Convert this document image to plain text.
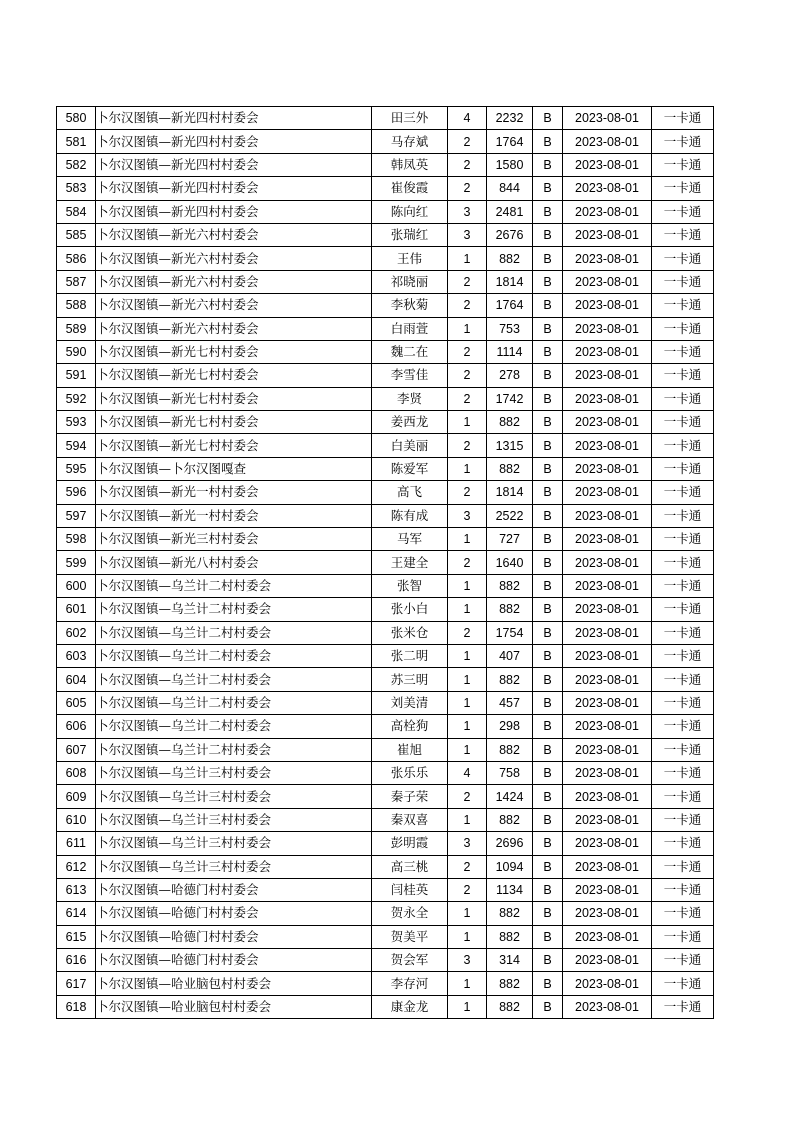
580	卜尔汉图镇—新光四村村委会	田三外	4	2232	B	2023-08-01	一卡通
581	卜尔汉图镇—新光四村村委会	马存斌	2	1764	B	2023-08-01	一卡通
582	卜尔汉图镇—新光四村村委会	韩凤英	2	1580	B	2023-08-01	一卡通
583	卜尔汉图镇—新光四村村委会	崔俊霞	2	844	B	2023-08-01	一卡通
584	卜尔汉图镇—新光四村村委会	陈向红	3	2481	B	2023-08-01	一卡通
585	卜尔汉图镇—新光六村村委会	张瑞红	3	2676	B	2023-08-01	一卡通
586	卜尔汉图镇—新光六村村委会	王伟	1	882	B	2023-08-01	一卡通
587	卜尔汉图镇—新光六村村委会	祁晓丽	2	1814	B	2023-08-01	一卡通
588	卜尔汉图镇—新光六村村委会	李秋菊	2	1764	B	2023-08-01	一卡通
589	卜尔汉图镇—新光六村村委会	白雨萱	1	753	B	2023-08-01	一卡通
590	卜尔汉图镇—新光七村村委会	魏二在	2	1114	B	2023-08-01	一卡通
591	卜尔汉图镇—新光七村村委会	李雪佳	2	278	B	2023-08-01	一卡通
592	卜尔汉图镇—新光七村村委会	李贤	2	1742	B	2023-08-01	一卡通
593	卜尔汉图镇—新光七村村委会	姜西龙	1	882	B	2023-08-01	一卡通
594	卜尔汉图镇—新光七村村委会	白美丽	2	1315	B	2023-08-01	一卡通
595	卜尔汉图镇—卜尔汉图嘎查	陈爱军	1	882	B	2023-08-01	一卡通
596	卜尔汉图镇—新光一村村委会	高飞	2	1814	B	2023-08-01	一卡通
597	卜尔汉图镇—新光一村村委会	陈有成	3	2522	B	2023-08-01	一卡通
598	卜尔汉图镇—新光三村村委会	马军	1	727	B	2023-08-01	一卡通
599	卜尔汉图镇—新光八村村委会	王建全	2	1640	B	2023-08-01	一卡通
600	卜尔汉图镇—乌兰计二村村委会	张智	1	882	B	2023-08-01	一卡通
601	卜尔汉图镇—乌兰计二村村委会	张小白	1	882	B	2023-08-01	一卡通
602	卜尔汉图镇—乌兰计二村村委会	张米仓	2	1754	B	2023-08-01	一卡通
603	卜尔汉图镇—乌兰计二村村委会	张二明	1	407	B	2023-08-01	一卡通
604	卜尔汉图镇—乌兰计二村村委会	苏三明	1	882	B	2023-08-01	一卡通
605	卜尔汉图镇—乌兰计二村村委会	刘美清	1	457	B	2023-08-01	一卡通
606	卜尔汉图镇—乌兰计二村村委会	高栓狗	1	298	B	2023-08-01	一卡通
607	卜尔汉图镇—乌兰计二村村委会	崔旭	1	882	B	2023-08-01	一卡通
608	卜尔汉图镇—乌兰计三村村委会	张乐乐	4	758	B	2023-08-01	一卡通
609	卜尔汉图镇—乌兰计三村村委会	秦子荣	2	1424	B	2023-08-01	一卡通
610	卜尔汉图镇—乌兰计三村村委会	秦双喜	1	882	B	2023-08-01	一卡通
611	卜尔汉图镇—乌兰计三村村委会	彭明霞	3	2696	B	2023-08-01	一卡通
612	卜尔汉图镇—乌兰计三村村委会	高三桃	2	1094	B	2023-08-01	一卡通
613	卜尔汉图镇—哈德门村村委会	闫桂英	2	1134	B	2023-08-01	一卡通
614	卜尔汉图镇—哈德门村村委会	贺永全	1	882	B	2023-08-01	一卡通
615	卜尔汉图镇—哈德门村村委会	贺美平	1	882	B	2023-08-01	一卡通
616	卜尔汉图镇—哈德门村村委会	贺会军	3	314	B	2023-08-01	一卡通
617	卜尔汉图镇—哈业脑包村村委会	李存河	1	882	B	2023-08-01	一卡通
618	卜尔汉图镇—哈业脑包村村委会	康金龙	1	882	B	2023-08-01	一卡通
